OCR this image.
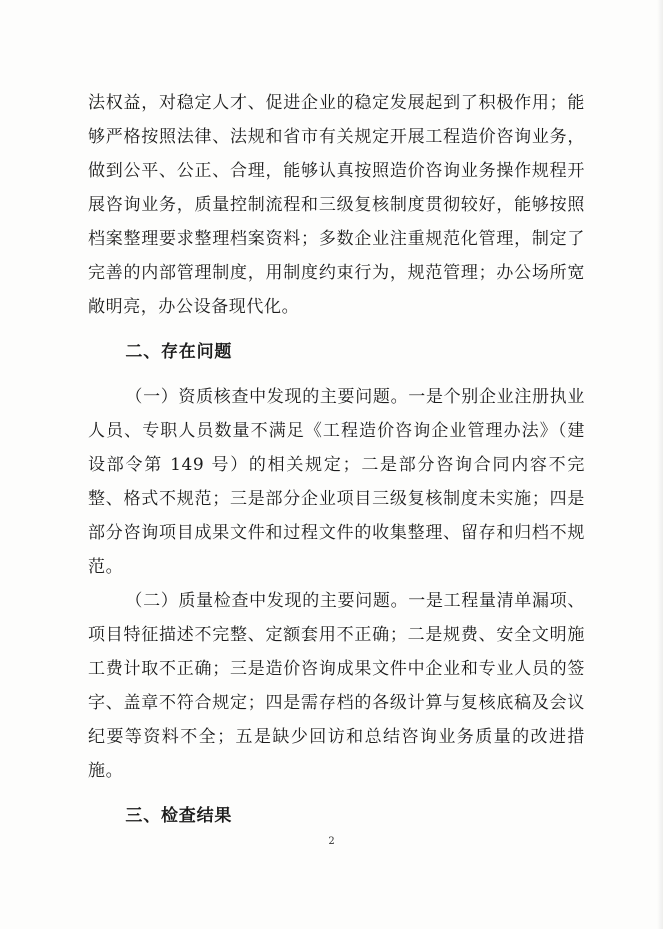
法权益，对稳定人才、促进企业的稳定发展起到了积极作用；能够严格按照法律、法规和省市有关规定开展工程造价咨询业务，做到公平、公正、合理，能够认真按照造价咨询业务操作规程开展咨询业务，质量控制流程和三级复核制度贯彻较好，能够按照档案整理要求整理档案资料；多数企业注重规范化管理，制定了完善的内部管理制度，用制度约束行为，规范管理；办公场所宽敞明亮，办公设备现代化。

二、存在问题

（一）资质核查中发现的主要问题。一是个别企业注册执业人员、专职人员数量不满足《工程造价咨询企业管理办法》（建设部令第 149 号）的相关规定；二是部分咨询合同内容不完整、格式不规范；三是部分企业项目三级复核制度未实施；四是部分咨询项目成果文件和过程文件的收集整理、留存和归档不规范。

（二）质量检查中发现的主要问题。一是工程量清单漏项、项目特征描述不完整、定额套用不正确；二是规费、安全文明施工费计取不正确；三是造价咨询成果文件中企业和专业人员的签字、盖章不符合规定；四是需存档的各级计算与复核底稿及会议纪要等资料不全；五是缺少回访和总结咨询业务质量的改进措施。

三、检查结果
2
